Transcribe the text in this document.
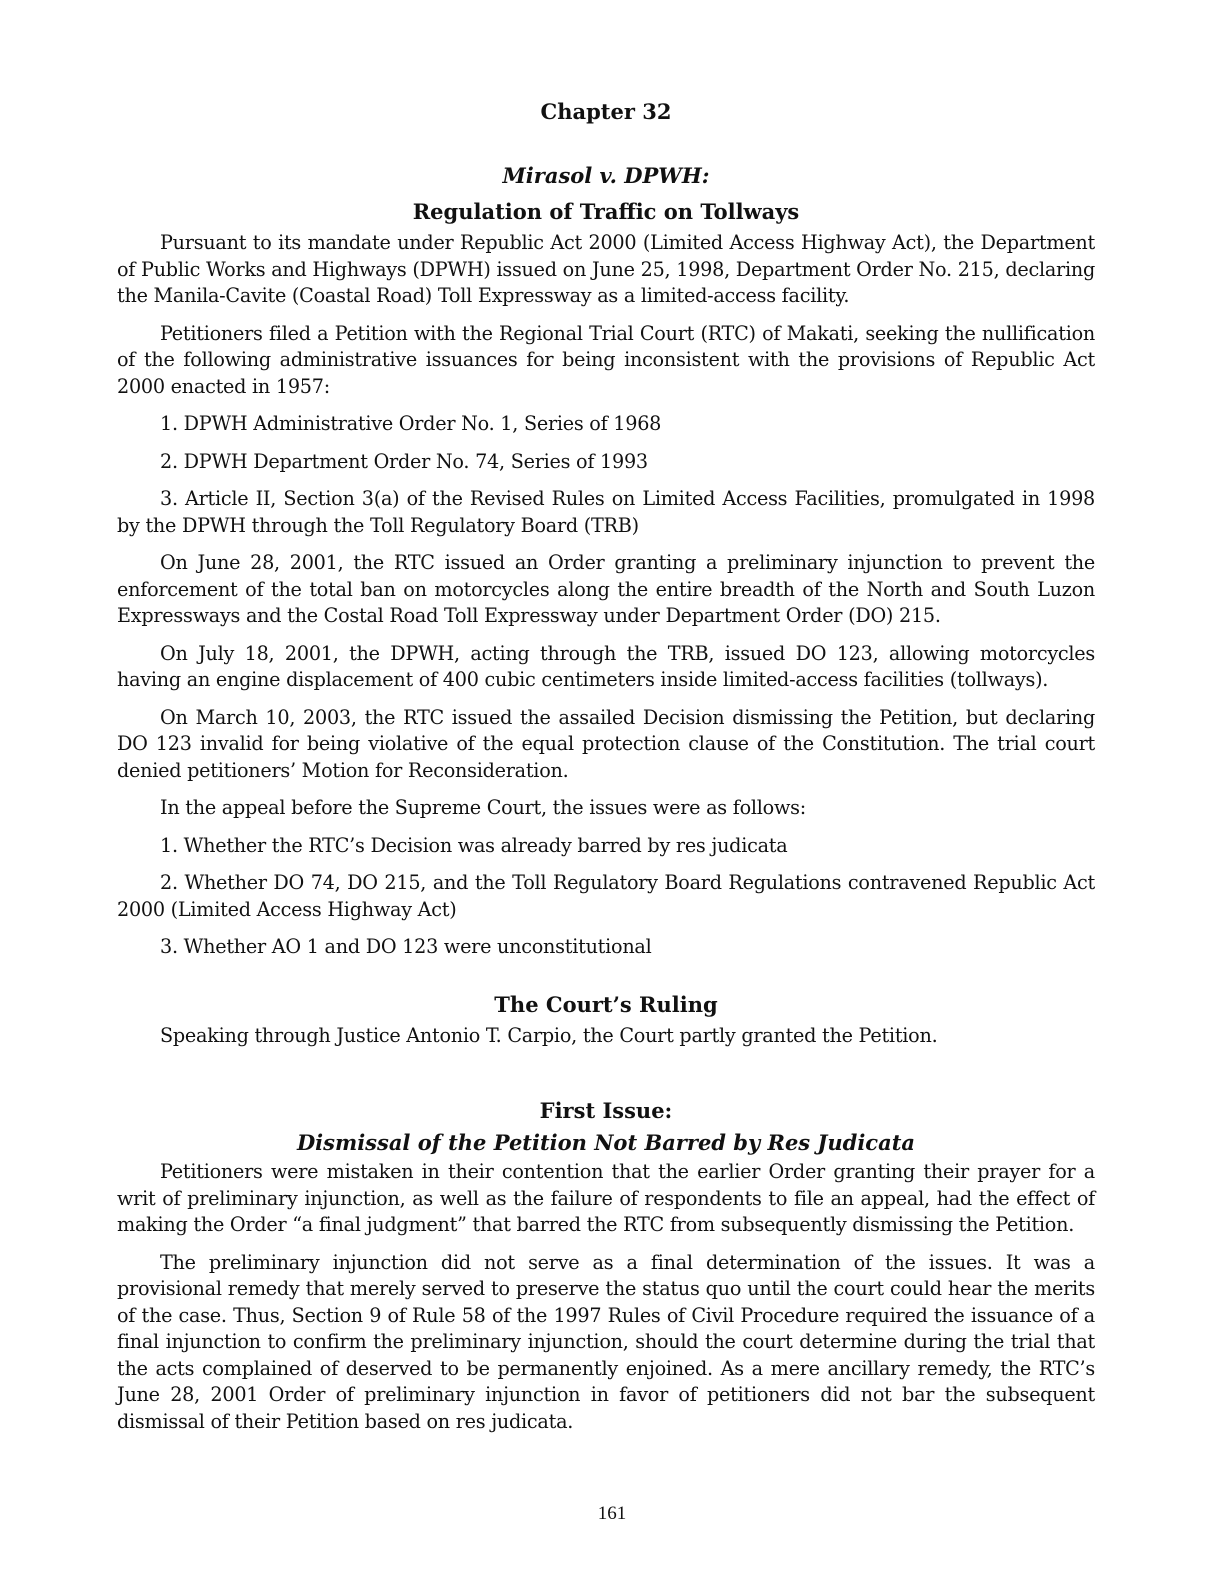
Chapter 32
Mirasol v. DPWH:
Regulation of Traffic on Tollways

Pursuant to its mandate under Republic Act 2000 (Limited Access Highway Act), the Department of Public Works and Highways (DPWH) issued on June 25, 1998, Department Order No. 215, declaring the Manila-Cavite (Coastal Road) Toll Expressway as a limited-access facility.

Petitioners filed a Petition with the Regional Trial Court (RTC) of Makati, seeking the nullification of the following administrative issuances for being inconsistent with the provisions of Republic Act 2000 enacted in 1957:

1. DPWH Administrative Order No. 1, Series of 1968

2. DPWH Department Order No. 74, Series of 1993

3. Article II, Section 3(a) of the Revised Rules on Limited Access Facilities, promulgated in 1998 by the DPWH through the Toll Regulatory Board (TRB)

On June 28, 2001, the RTC issued an Order granting a preliminary injunction to prevent the enforcement of the total ban on motorcycles along the entire breadth of the North and South Luzon Expressways and the Costal Road Toll Expressway under Department Order (DO) 215.

On July 18, 2001, the DPWH, acting through the TRB, issued DO 123, allowing motorcycles having an engine displacement of 400 cubic centimeters inside limited-access facilities (tollways).

On March 10, 2003, the RTC issued the assailed Decision dismissing the Petition, but declaring DO 123 invalid for being violative of the equal protection clause of the Constitution. The trial court denied petitioners’ Motion for Reconsideration.

In the appeal before the Supreme Court, the issues were as follows:

1. Whether the RTC’s Decision was already barred by res judicata

2. Whether DO 74, DO 215, and the Toll Regulatory Board Regulations contravened Republic Act 2000 (Limited Access Highway Act)

3. Whether AO 1 and DO 123 were unconstitutional

The Court’s Ruling

Speaking through Justice Antonio T. Carpio, the Court partly granted the Petition.

First Issue:
Dismissal of the Petition Not Barred by Res Judicata

Petitioners were mistaken in their contention that the earlier Order granting their prayer for a writ of preliminary injunction, as well as the failure of respondents to file an appeal, had the effect of making the Order “a final judgment” that barred the RTC from subsequently dismissing the Petition.

The preliminary injunction did not serve as a final determination of the issues. It was a provisional remedy that merely served to preserve the status quo until the court could hear the merits of the case. Thus, Section 9 of Rule 58 of the 1997 Rules of Civil Procedure required the issuance of a final injunction to confirm the preliminary injunction, should the court determine during the trial that the acts complained of deserved to be permanently enjoined. As a mere ancillary remedy, the RTC’s June 28, 2001 Order of preliminary injunction in favor of petitioners did not bar the subsequent dismissal of their Petition based on res judicata.

161
